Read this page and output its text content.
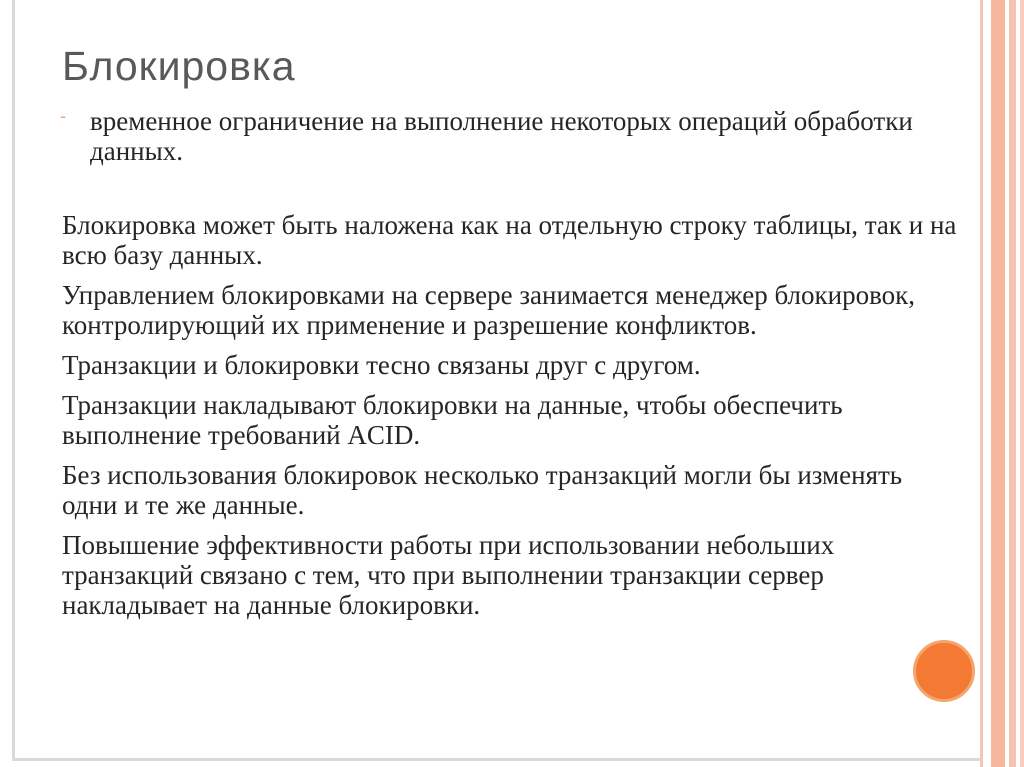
Блокировка
- временное ограничение на выполнение некоторых операций обработки данных.

Блокировка может быть наложена как на отдельную строку таблицы, так и на всю базу данных.
Управлением блокировками на сервере занимается менеджер блокировок, контролирующий их применение и разрешение конфликтов.
Транзакции и блокировки тесно связаны друг с другом.
Транзакции накладывают блокировки на данные, чтобы обеспечить выполнение требований ACID.
Без использования блокировок несколько транзакций могли бы изменять одни и те же данные.
Повышение эффективности работы при использовании небольших транзакций связано с тем, что при выполнении транзакции сервер накладывает на данные блокировки.
